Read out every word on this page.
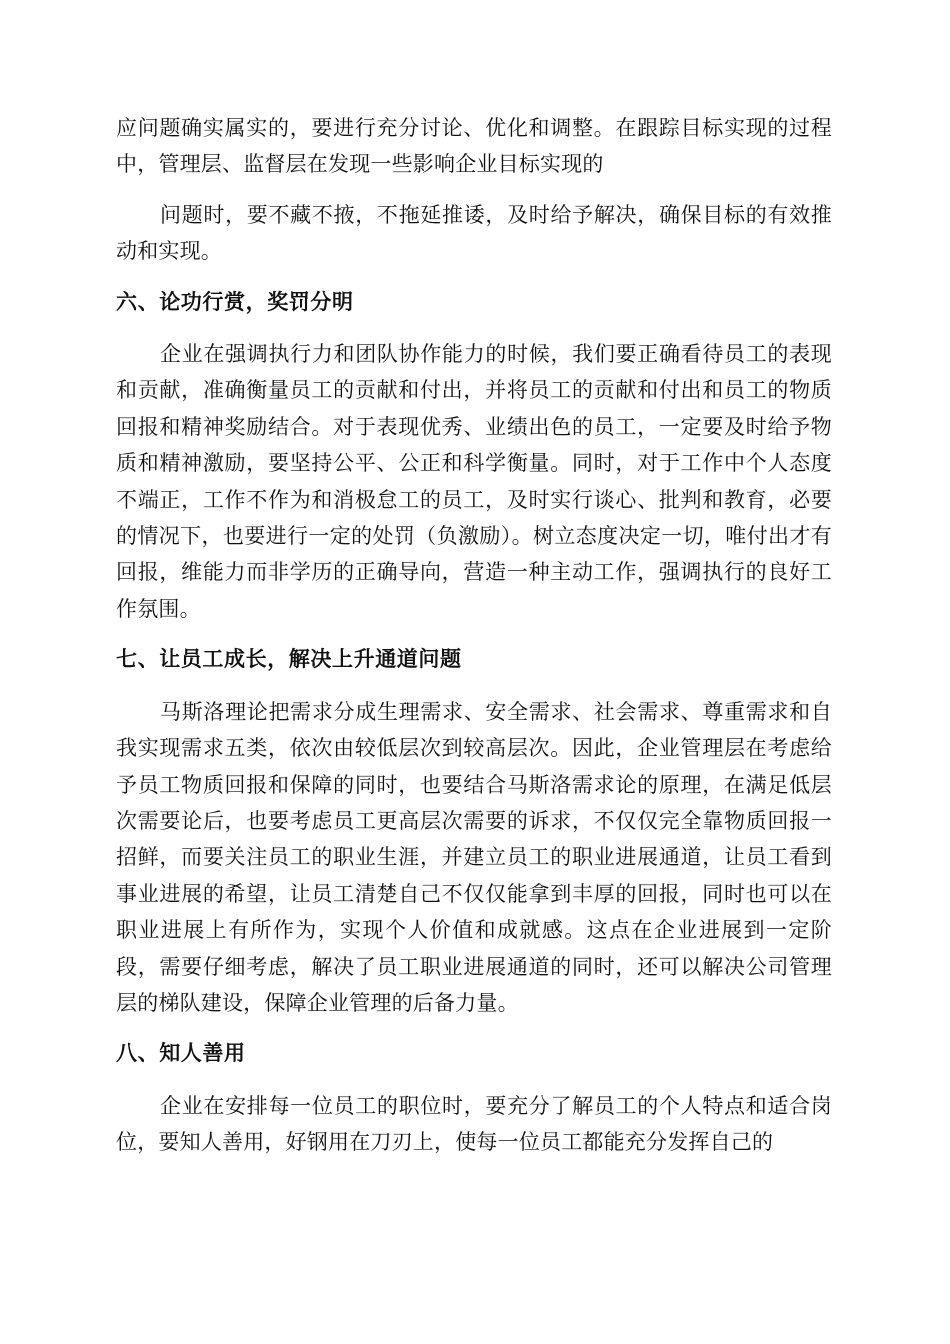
应问题确实属实的，要进行充分讨论、优化和调整。在跟踪目标实现的过程中，管理层、监督层在发现一些影响企业目标实现的

问题时，要不藏不掖，不拖延推诿，及时给予解决，确保目标的有效推动和实现。

六、论功行赏，奖罚分明

企业在强调执行力和团队协作能力的时候，我们要正确看待员工的表现和贡献，准确衡量员工的贡献和付出，并将员工的贡献和付出和员工的物质回报和精神奖励结合。对于表现优秀、业绩出色的员工，一定要及时给予物质和精神激励，要坚持公平、公正和科学衡量。同时，对于工作中个人态度不端正，工作不作为和消极怠工的员工，及时实行谈心、批判和教育，必要的情况下，也要进行一定的处罚（负激励）。树立态度决定一切，唯付出才有回报，维能力而非学历的正确导向，营造一种主动工作，强调执行的良好工作氛围。

七、让员工成长，解决上升通道问题

马斯洛理论把需求分成生理需求、安全需求、社会需求、尊重需求和自我实现需求五类，依次由较低层次到较高层次。因此，企业管理层在考虑给予员工物质回报和保障的同时，也要结合马斯洛需求论的原理，在满足低层次需要论后，也要考虑员工更高层次需要的诉求，不仅仅完全靠物质回报一招鲜，而要关注员工的职业生涯，并建立员工的职业进展通道，让员工看到事业进展的希望，让员工清楚自己不仅仅能拿到丰厚的回报，同时也可以在职业进展上有所作为，实现个人价值和成就感。这点在企业进展到一定阶段，需要仔细考虑，解决了员工职业进展通道的同时，还可以解决公司管理层的梯队建设，保障企业管理的后备力量。

八、知人善用

企业在安排每一位员工的职位时，要充分了解员工的个人特点和适合岗位，要知人善用，好钢用在刀刃上，使每一位员工都能充分发挥自己的
